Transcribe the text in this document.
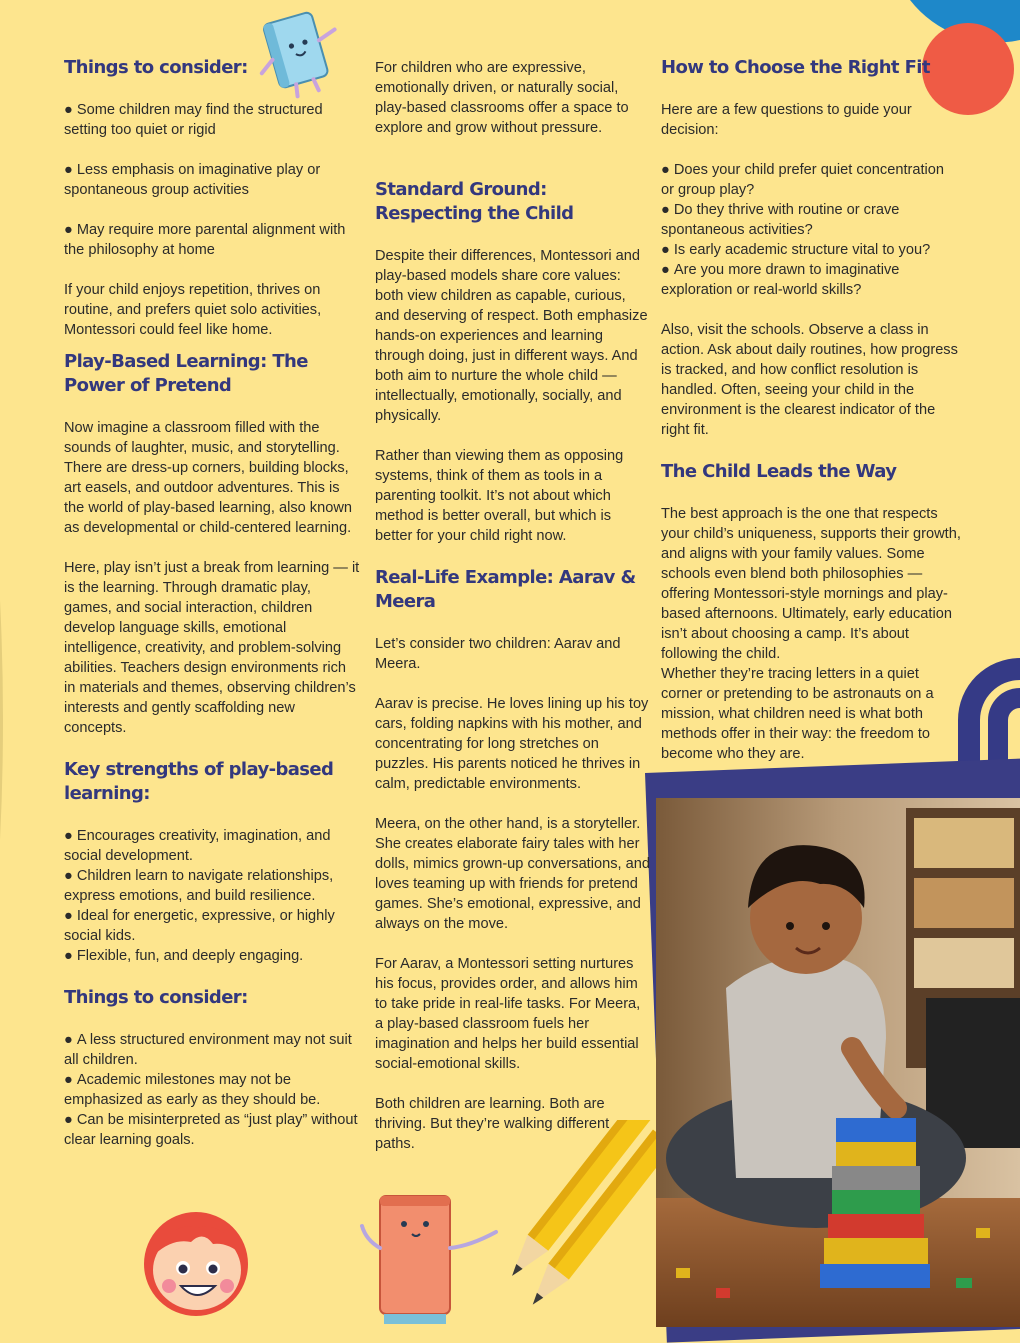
Things to consider:

● Some children may find the structured setting too quiet or rigid

● Less emphasis on imaginative play or spontaneous group activities

● May require more parental alignment with the philosophy at home

If your child enjoys repetition, thrives on routine, and prefers quiet solo activities, Montessori could feel like home.

Play-Based Learning: The Power of Pretend

Now imagine a classroom filled with the sounds of laughter, music, and storytelling. There are dress-up corners, building blocks, art easels, and outdoor adventures. This is the world of play-based learning, also known as developmental or child-centered learning.

Here, play isn’t just a break from learning — it is the learning. Through dramatic play, games, and social interaction, children develop language skills, emotional intelligence, creativity, and problem-solving abilities. Teachers design environments rich in materials and themes, observing children’s interests and gently scaffolding new concepts.

Key strengths of play-based learning:

● Encourages creativity, imagination, and social development.

● Children learn to navigate relationships, express emotions, and build resilience.

● Ideal for energetic, expressive, or highly social kids.

● Flexible, fun, and deeply engaging.

Things to consider:

● A less structured environment may not suit all children.

● Academic milestones may not be emphasized as early as they should be.

● Can be misinterpreted as “just play” without clear learning goals.

For children who are expressive, emotionally driven, or naturally social, play-based classrooms offer a space to explore and grow without pressure.

Standard Ground: Respecting the Child

Despite their differences, Montessori and play-based models share core values: both view children as capable, curious, and deserving of respect. Both emphasize hands-on experiences and learning through doing, just in different ways. And both aim to nurture the whole child — intellectually, emotionally, socially, and physically.

Rather than viewing them as opposing systems, think of them as tools in a parenting toolkit. It’s not about which method is better overall, but which is better for your child right now.

Real-Life Example: Aarav & Meera

Let’s consider two children: Aarav and Meera.

Aarav is precise. He loves lining up his toy cars, folding napkins with his mother, and concentrating for long stretches on puzzles. His parents noticed he thrives in calm, predictable environments.

Meera, on the other hand, is a storyteller. She creates elaborate fairy tales with her dolls, mimics grown-up conversations, and loves teaming up with friends for pretend games. She’s emotional, expressive, and always on the move.

For Aarav, a Montessori setting nurtures his focus, provides order, and allows him to take pride in real-life tasks. For Meera, a play-based classroom fuels her imagination and helps her build essential social-emotional skills.

Both children are learning. Both are thriving. But they’re walking different paths.

How to Choose the Right Fit

Here are a few questions to guide your decision:

● Does your child prefer quiet concentration or group play?

● Do they thrive with routine or crave spontaneous activities?

● Is early academic structure vital to you?

● Are you more drawn to imaginative exploration or real-world skills?

Also, visit the schools. Observe a class in action. Ask about daily routines, how progress is tracked, and how conflict resolution is handled. Often, seeing your child in the environment is the clearest indicator of the right fit.

The Child Leads the Way

The best approach is the one that respects your child’s uniqueness, supports their growth, and aligns with your family values. Some schools even blend both philosophies — offering Montessori-style mornings and play-based afternoons. Ultimately, early education isn’t about choosing a camp. It’s about following the child.

Whether they’re tracing letters in a quiet corner or pretending to be astronauts on a mission, what children need is what both methods offer in their way: the freedom to become who they are.
